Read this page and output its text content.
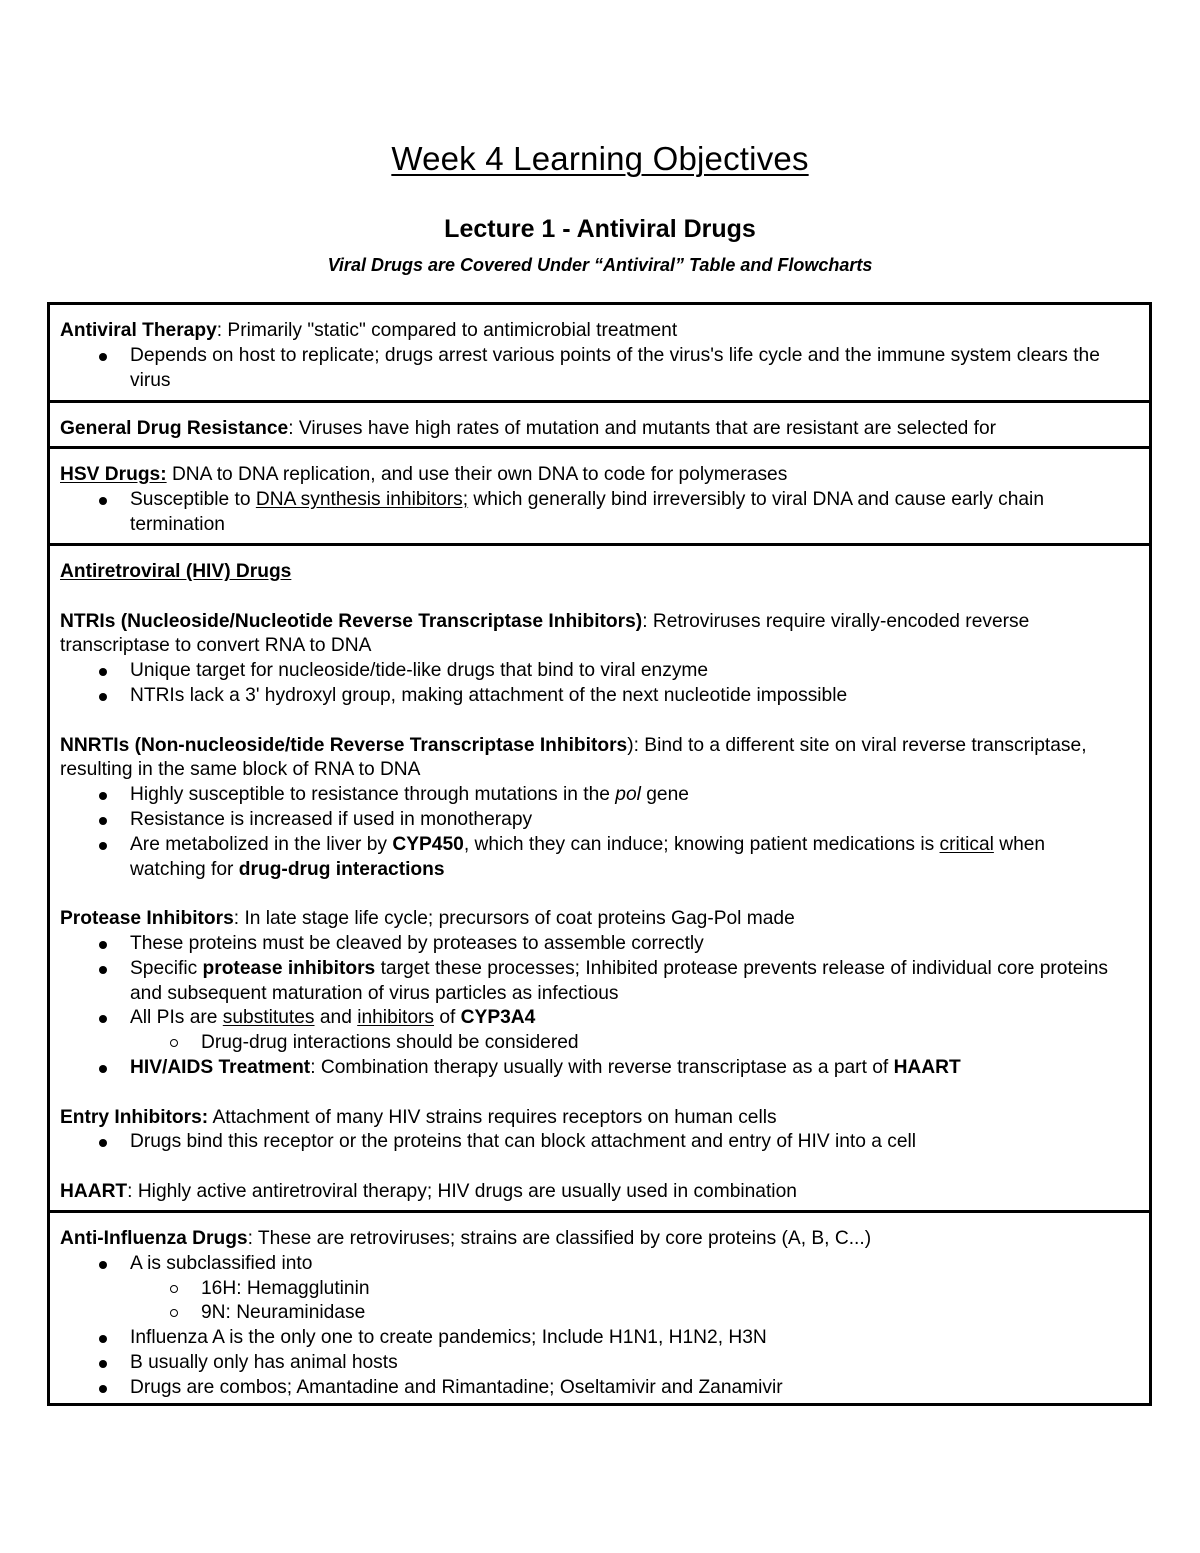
Week 4 Learning Objectives
Lecture 1 - Antiviral Drugs
Viral Drugs are Covered Under “Antiviral” Table and Flowcharts
Antiviral Therapy: Primarily "static" compared to antimicrobial treatment
Depends on host to replicate; drugs arrest various points of the virus's life cycle and the immune system clears the virus
General Drug Resistance: Viruses have high rates of mutation and mutants that are resistant are selected for
HSV Drugs: DNA to DNA replication, and use their own DNA to code for polymerases
Susceptible to DNA synthesis inhibitors; which generally bind irreversibly to viral DNA and cause early chain termination
Antiretroviral (HIV) Drugs
NTRIs (Nucleoside/Nucleotide Reverse Transcriptase Inhibitors): Retroviruses require virally-encoded reverse transcriptase to convert RNA to DNA
Unique target for nucleoside/tide-like drugs that bind to viral enzyme
NTRIs lack a 3' hydroxyl group, making attachment of the next nucleotide impossible
NNRTIs (Non-nucleoside/tide Reverse Transcriptase Inhibitors): Bind to a different site on viral reverse transcriptase, resulting in the same block of RNA to DNA
Highly susceptible to resistance through mutations in the pol gene
Resistance is increased if used in monotherapy
Are metabolized in the liver by CYP450, which they can induce; knowing patient medications is critical when watching for drug-drug interactions
Protease Inhibitors: In late stage life cycle; precursors of coat proteins Gag-Pol made
These proteins must be cleaved by proteases to assemble correctly
Specific protease inhibitors target these processes; Inhibited protease prevents release of individual core proteins and subsequent maturation of virus particles as infectious
All PIs are substitutes and inhibitors of CYP3A4
Drug-drug interactions should be considered
HIV/AIDS Treatment: Combination therapy usually with reverse transcriptase as a part of HAART
Entry Inhibitors: Attachment of many HIV strains requires receptors on human cells
Drugs bind this receptor or the proteins that can block attachment and entry of HIV into a cell
HAART: Highly active antiretroviral therapy; HIV drugs are usually used in combination
Anti-Influenza Drugs: These are retroviruses; strains are classified by core proteins (A, B, C...)
A is subclassified into
16H: Hemagglutinin
9N: Neuraminidase
Influenza A is the only one to create pandemics; Include H1N1, H1N2, H3N
B usually only has animal hosts
Drugs are combos; Amantadine and Rimantadine; Oseltamivir and Zanamivir
